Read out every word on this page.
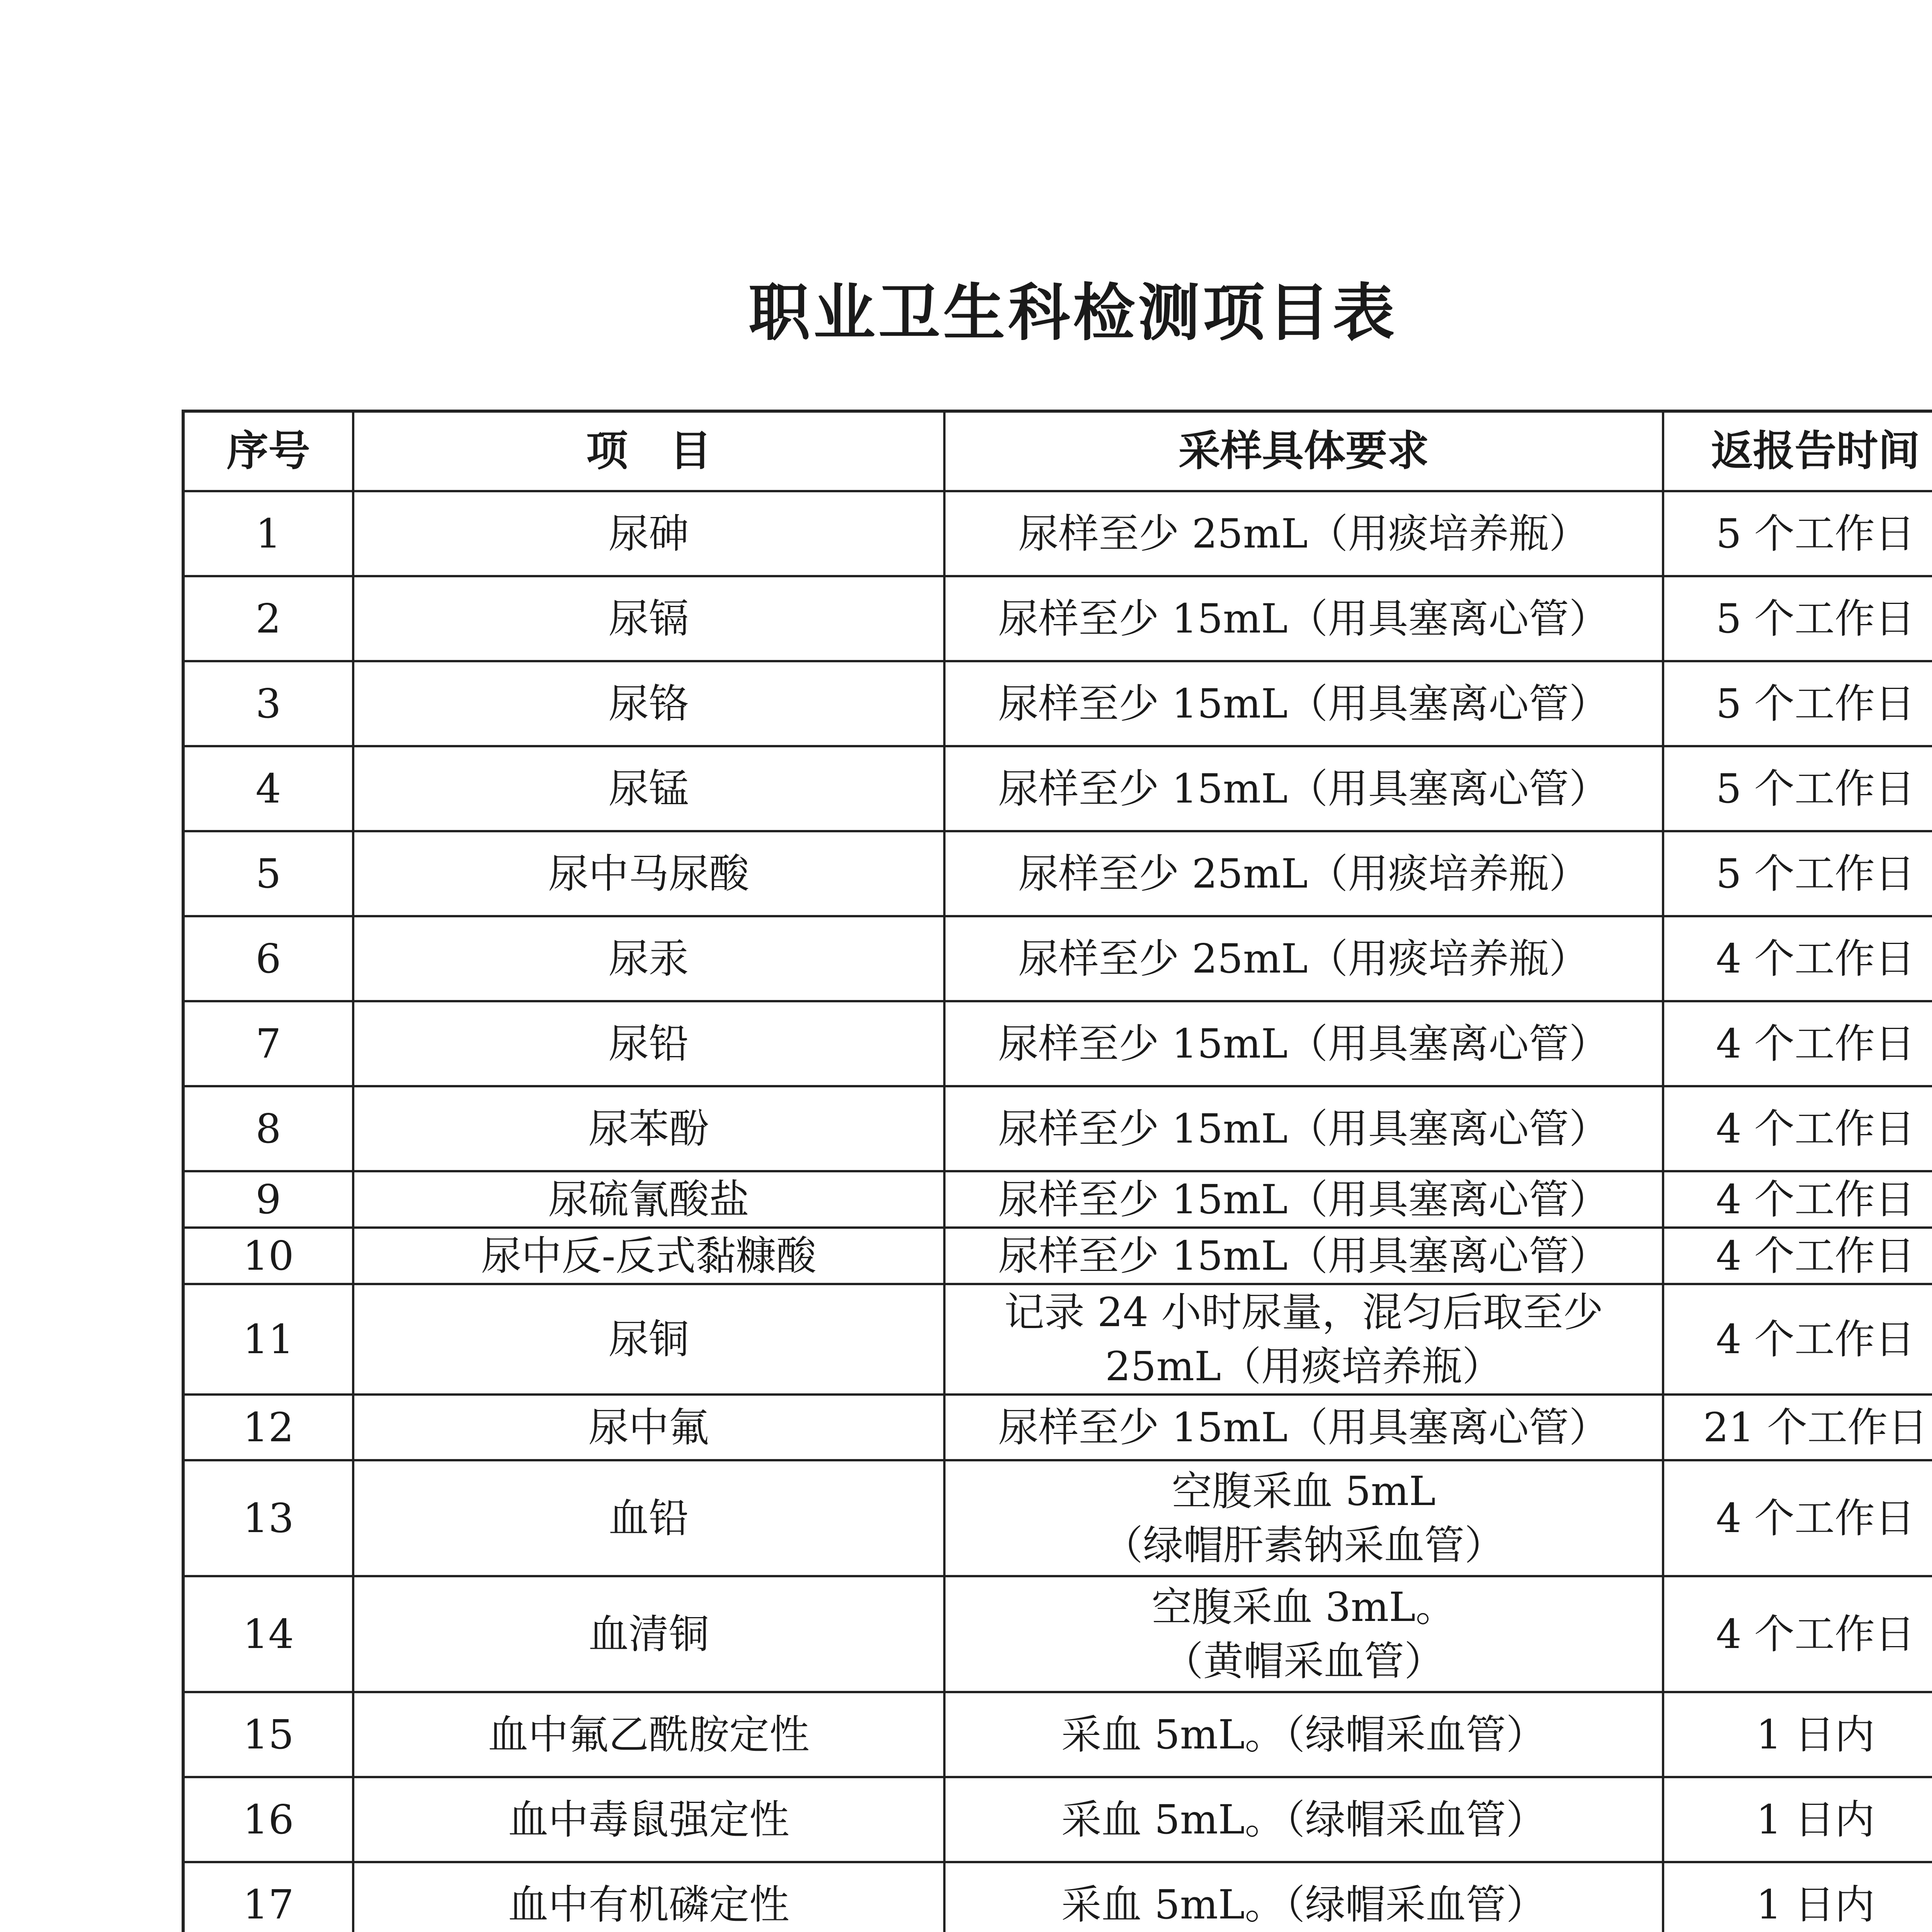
职业卫生科检测项目表
序号	项　目	采样具体要求	返报告时间

1	尿砷	尿样至少 25mL（用痰培养瓶）	5 个工作日

2	尿镉	尿样至少 15mL（用具塞离心管）	5 个工作日

3	尿铬	尿样至少 15mL（用具塞离心管）	5 个工作日

4	尿锰	尿样至少 15mL（用具塞离心管）	5 个工作日

5	尿中马尿酸	尿样至少 25mL（用痰培养瓶）	5 个工作日

6	尿汞	尿样至少 25mL（用痰培养瓶）	4 个工作日

7	尿铅	尿样至少 15mL（用具塞离心管）	4 个工作日

8	尿苯酚	尿样至少 15mL（用具塞离心管）	4 个工作日

9	尿硫氰酸盐	尿样至少 15mL（用具塞离心管）	4 个工作日

10	尿中反-反式黏糠酸	尿样至少 15mL（用具塞离心管）	4 个工作日

11	尿铜	记录 24 小时尿量，混匀后取至少
25mL（用痰培养瓶）	4 个工作日

12	尿中氟	尿样至少 15mL（用具塞离心管）	21 个工作日

13	血铅	空腹采血 5mL
（绿帽肝素钠采血管）	4 个工作日

14	血清铜	空腹采血 3mL。
（黄帽采血管）	4 个工作日

15	血中氟乙酰胺定性	采血 5mL。（绿帽采血管）	1 日内

16	血中毒鼠强定性	采血 5mL。（绿帽采血管）	1 日内

17	血中有机磷定性	采血 5mL。（绿帽采血管）	1 日内
